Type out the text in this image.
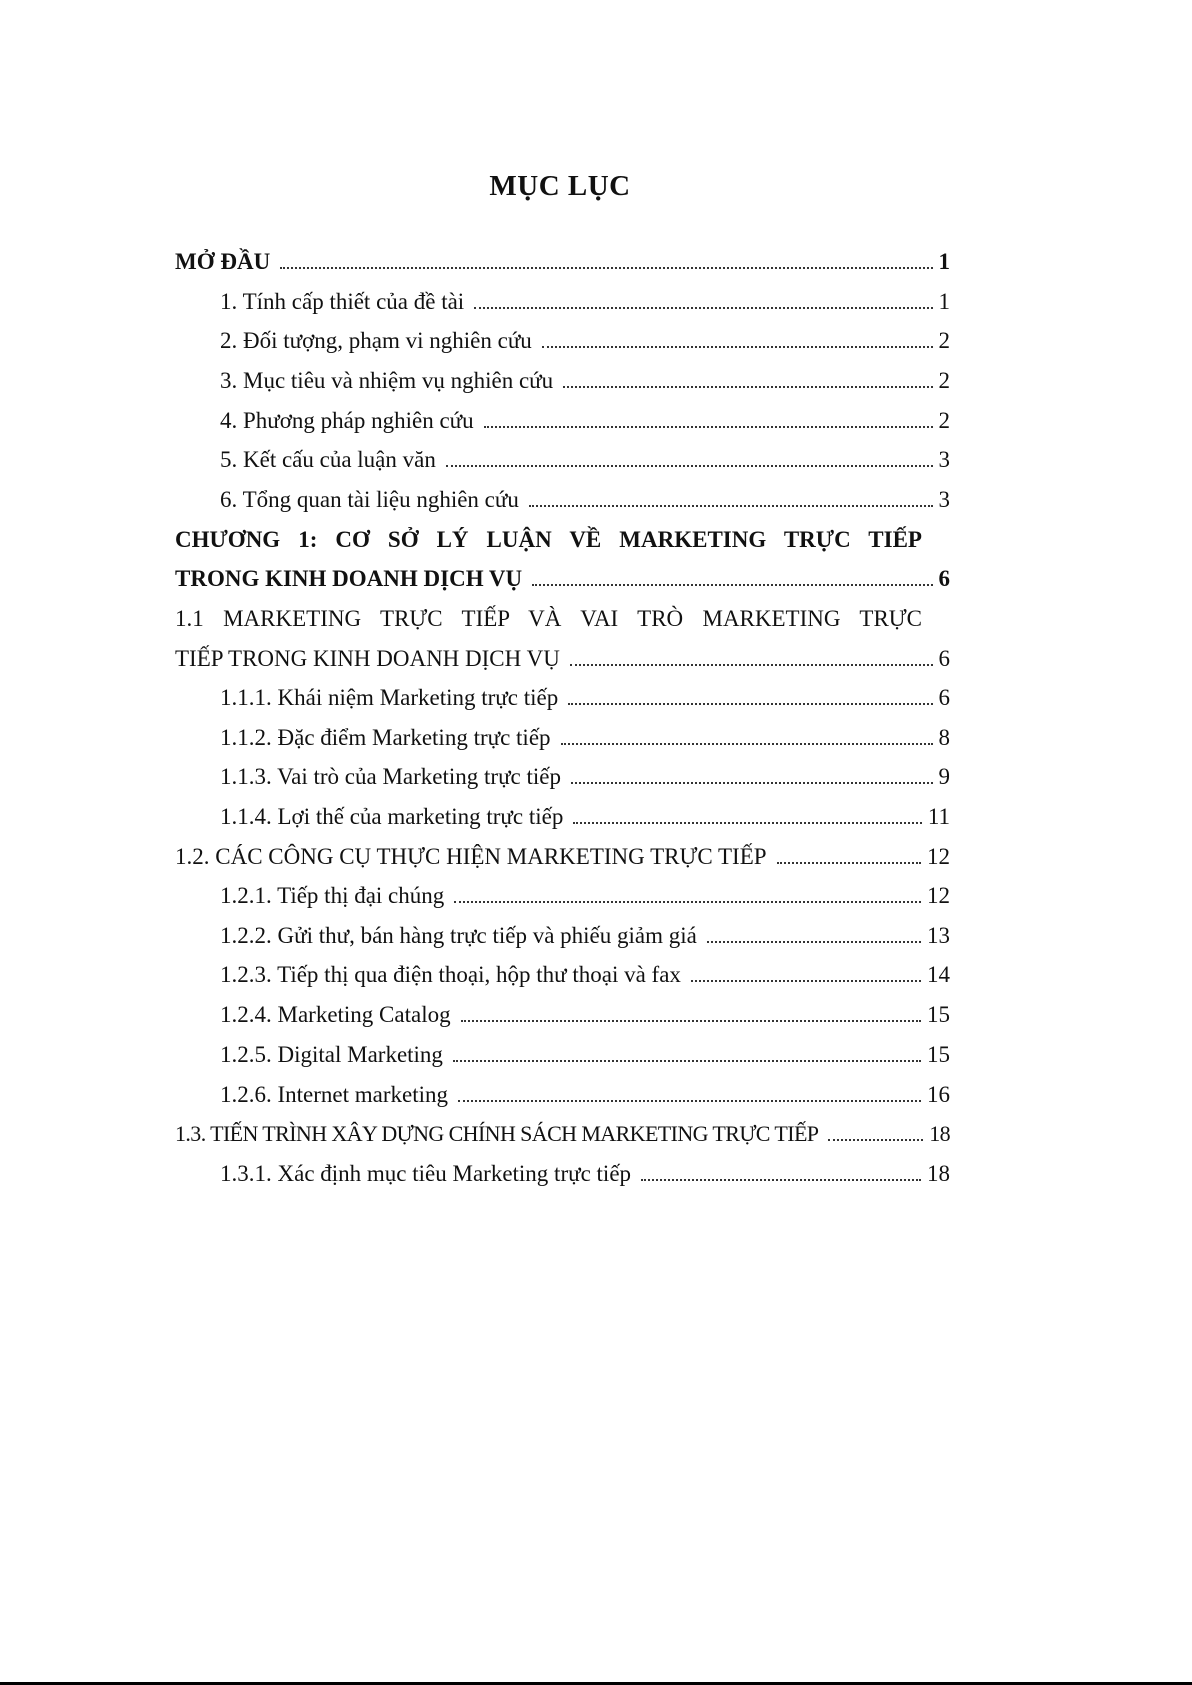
MỤC LỤC
MỞ ĐẦU	1
1. Tính cấp thiết của đề tài	1
2. Đối tượng, phạm vi nghiên cứu	2
3. Mục tiêu và nhiệm vụ nghiên cứu	2
4. Phương pháp nghiên cứu	2
5. Kết cấu của luận văn	3
6. Tổng quan tài liệu nghiên cứu	3
CHƯƠNG 1: CƠ SỞ LÝ LUẬN VỀ MARKETING TRỰC TIẾP
TRONG KINH DOANH DỊCH VỤ	6
1.1 MARKETING TRỰC TIẾP VÀ VAI TRÒ MARKETING TRỰC
TIẾP TRONG KINH DOANH DỊCH VỤ	6
1.1.1. Khái niệm Marketing trực tiếp	6
1.1.2. Đặc điểm Marketing trực tiếp	8
1.1.3. Vai trò của Marketing trực tiếp	9
1.1.4. Lợi thế của marketing trực tiếp	11
1.2. CÁC CÔNG CỤ THỰC HIỆN MARKETING TRỰC TIẾP	12
1.2.1. Tiếp thị đại chúng	12
1.2.2. Gửi thư, bán hàng trực tiếp và phiếu giảm giá	13
1.2.3. Tiếp thị qua điện thoại, hộp thư thoại và fax	14
1.2.4. Marketing Catalog	15
1.2.5. Digital Marketing	15
1.2.6. Internet marketing	16
1.3. TIẾN TRÌNH XÂY DỰNG CHÍNH SÁCH MARKETING TRỰC TIẾP	18
1.3.1. Xác định mục tiêu Marketing trực tiếp	18
